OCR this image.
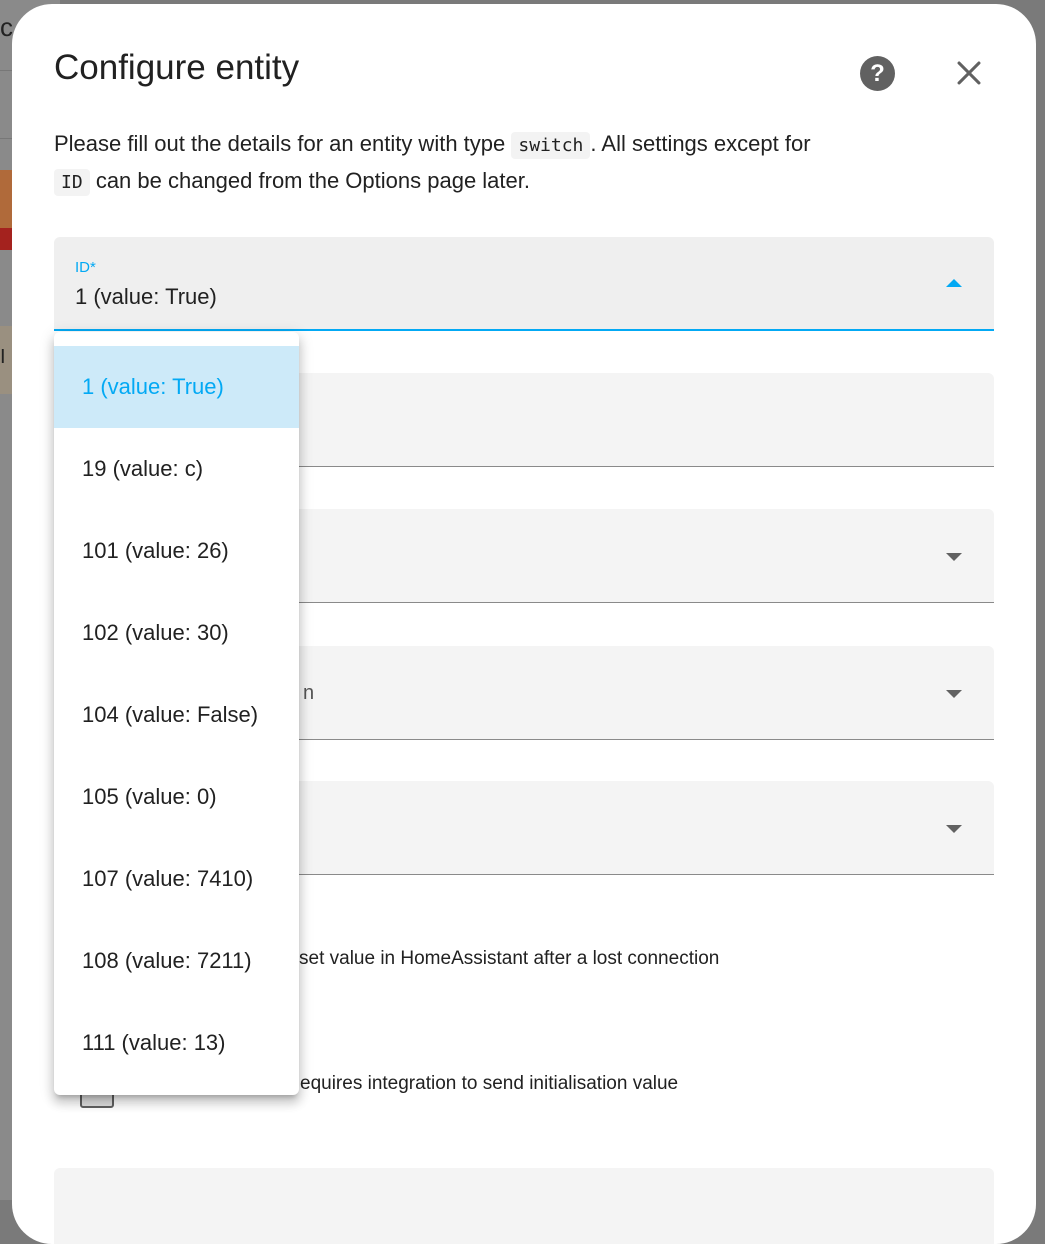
c
I
Configure entity	?
Please fill out the details for an entity with type switch . All settings except for
ID can be changed from the Options page later.
ID*
1 (value: True)
n
set value in HomeAssistant after a lost connection
equires integration to send initialisation value
1 (value: True)
19 (value: c)
101 (value: 26)
102 (value: 30)
104 (value: False)
105 (value: 0)
107 (value: 7410)
108 (value: 7211)
111 (value: 13)
